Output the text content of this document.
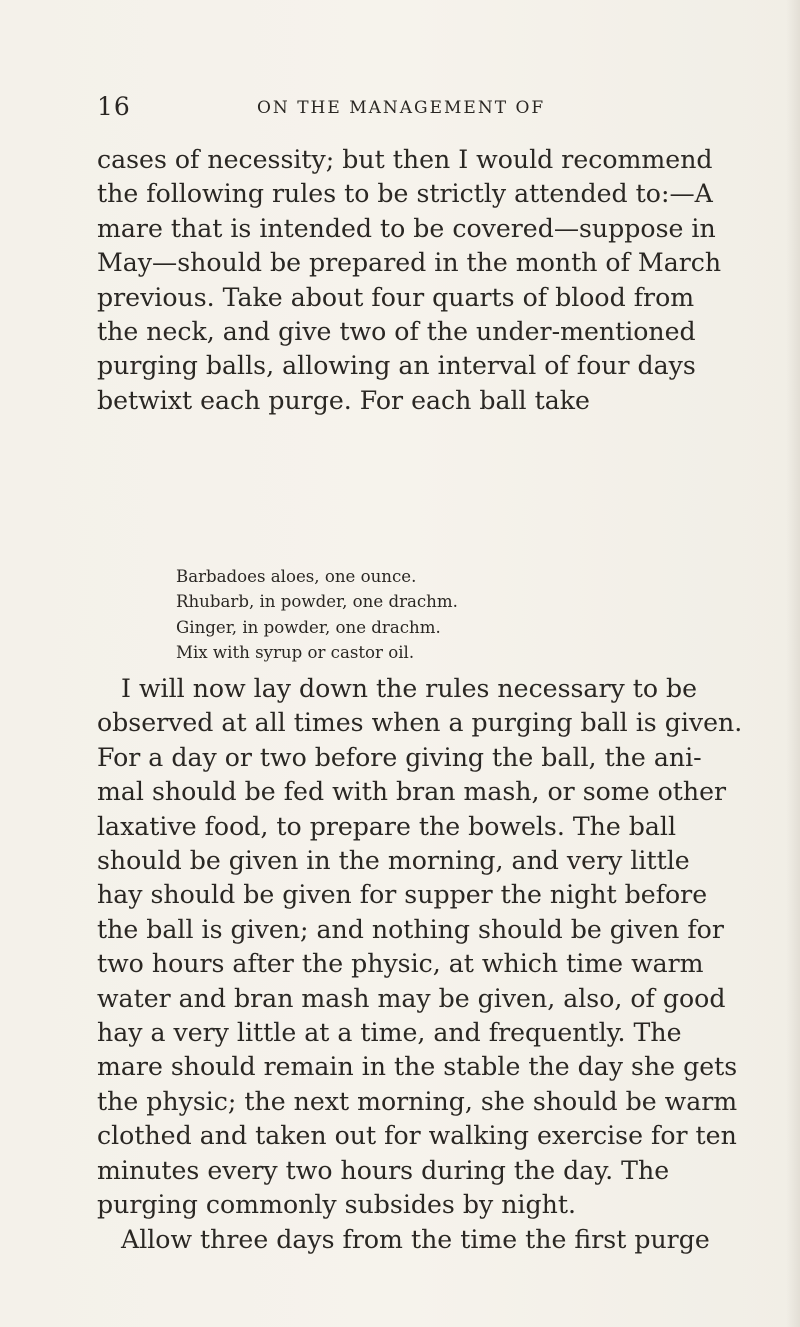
16	ON THE MANAGEMENT OF

cases of necessity; but then I would recommend
the following rules to be strictly attended to:—A
mare that is intended to be covered—suppose in
May—should be prepared in the month of March
previous. Take about four quarts of blood from
the neck, and give two of the under-mentioned
purging balls, allowing an interval of four days
betwixt each purge. For each ball take

Barbadoes aloes, one ounce.
Rhubarb, in powder, one drachm.
Ginger, in powder, one drachm.
Mix with syrup or castor oil.

I will now lay down the rules necessary to be
observed at all times when a purging ball is given.
For a day or two before giving the ball, the ani-
mal should be fed with bran mash, or some other
laxative food, to prepare the bowels. The ball
should be given in the morning, and very little
hay should be given for supper the night before
the ball is given; and nothing should be given for
two hours after the physic, at which time warm
water and bran mash may be given, also, of good
hay a very little at a time, and frequently. The
mare should remain in the stable the day she gets
the physic; the next morning, she should be warm
clothed and taken out for walking exercise for ten
minutes every two hours during the day. The
purging commonly subsides by night.
Allow three days from the time the first purge
